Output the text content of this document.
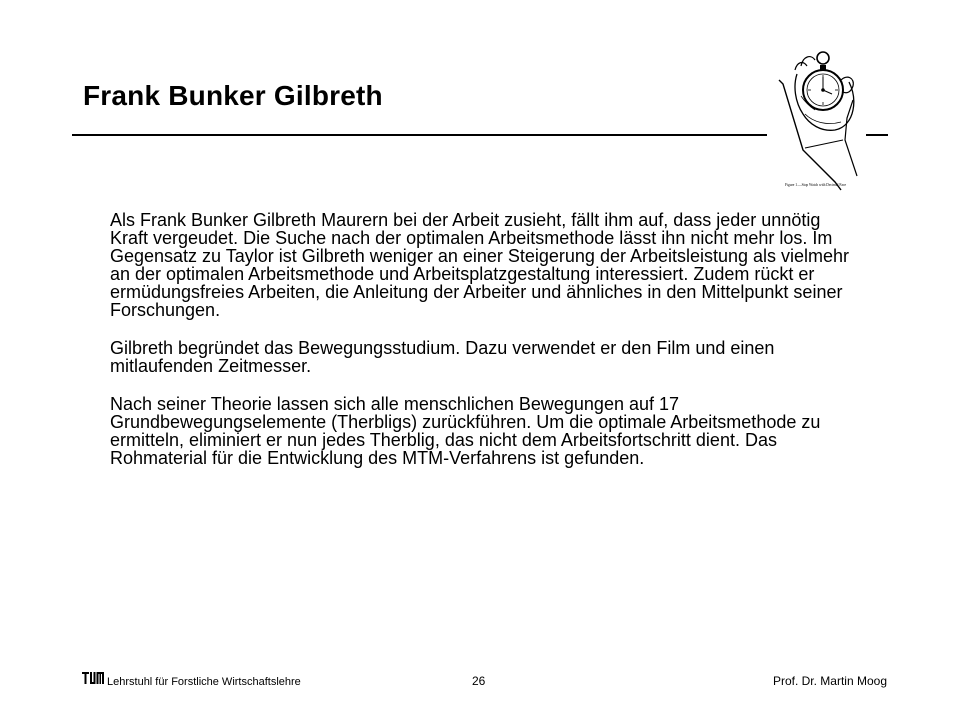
Frank Bunker Gilbreth
Figure 1.—Stop Watch with Decimal Face

Als Frank Bunker Gilbreth Maurern bei der Arbeit zusieht, fällt ihm auf, dass jeder unnötig Kraft vergeudet. Die Suche nach der optimalen Arbeitsmethode lässt ihn nicht mehr los. Im Gegensatz zu Taylor ist Gilbreth weniger an einer Steigerung der Arbeitsleistung als vielmehr an der optimalen Arbeitsmethode und Arbeitsplatzgestaltung interessiert. Zudem rückt er ermüdungsfreies Arbeiten, die Anleitung der Arbeiter und ähnliches in den Mittelpunkt seiner Forschungen.

Gilbreth begründet das Bewegungsstudium. Dazu verwendet er den Film und einen mitlaufenden Zeitmesser.

Nach seiner Theorie lassen sich alle menschlichen Bewegungen auf 17 Grundbewegungselemente (Therbligs) zurückführen. Um die optimale Arbeitsmethode zu ermitteln, eliminiert er nun jedes Therblig, das nicht dem Arbeitsfortschritt dient. Das Rohmaterial für die Entwicklung des MTM-Verfahrens ist gefunden.

Lehrstuhl für Forstliche Wirtschaftslehre	26	Prof. Dr. Martin Moog
